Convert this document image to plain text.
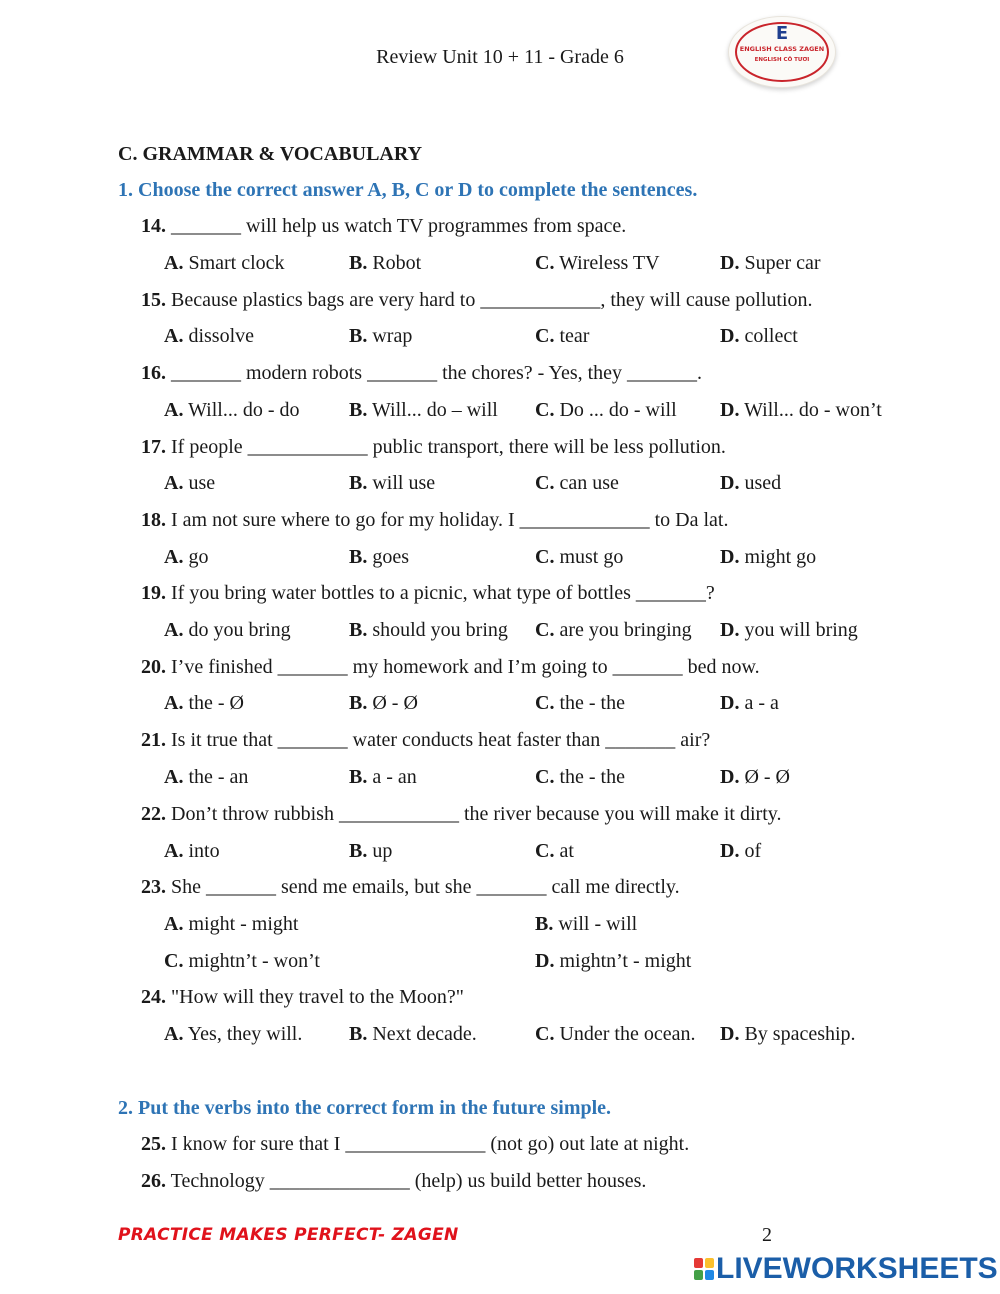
Review Unit 10 + 11 - Grade 6
E
ENGLISH CLASS ZAGEN
ENGLISH CÔ TƯƠI
C. GRAMMAR & VOCABULARY
1. Choose the correct answer A, B, C or D to complete the sentences.
14. _______ will help us watch TV programmes from space.
A. Smart clock	B. Robot	C. Wireless TV	D. Super car
15. Because plastics bags are very hard to ____________, they will cause pollution.
A. dissolve	B. wrap	C. tear	D. collect
16. _______ modern robots _______ the chores? - Yes, they _______.
A. Will... do - do B. Will... do – will C. Do ... do - will D. Will... do - won’t
17. If people ____________ public transport, there will be less pollution.
A. use	B. will use	C. can use	D. used
18. I am not sure where to go for my holiday. I _____________ to Da lat.
A. go	B. goes	C. must go	D. might go
19. If you bring water bottles to a picnic, what type of bottles _______?
A. do you bring	B. should you bring C. are you bringing D. you will bring
20. I’ve finished _______ my homework and I’m going to _______ bed now.
A. the - Ø	B. Ø - Ø	C. the - the	D. a - a
21. Is it true that _______ water conducts heat faster than _______ air?
A. the - an	B. a - an	C. the - the	D. Ø - Ø
22. Don’t throw rubbish ____________ the river because you will make it dirty.
A. into	B. up	C. at	D. of
23. She _______ send me emails, but she _______ call me directly.
A. might - might	B. will - will
C. mightn’t - won’t	D. mightn’t - might
24. "How will they travel to the Moon?"
A. Yes, they will. B. Next decade.	C. Under the ocean. D. By spaceship.
2. Put the verbs into the correct form in the future simple.
25. I know for sure that I ______________ (not go) out late at night.
26. Technology ______________ (help) us build better houses.
PRACTICE MAKES PERFECT- ZAGEN	2
LIVEWORKSHEETS
